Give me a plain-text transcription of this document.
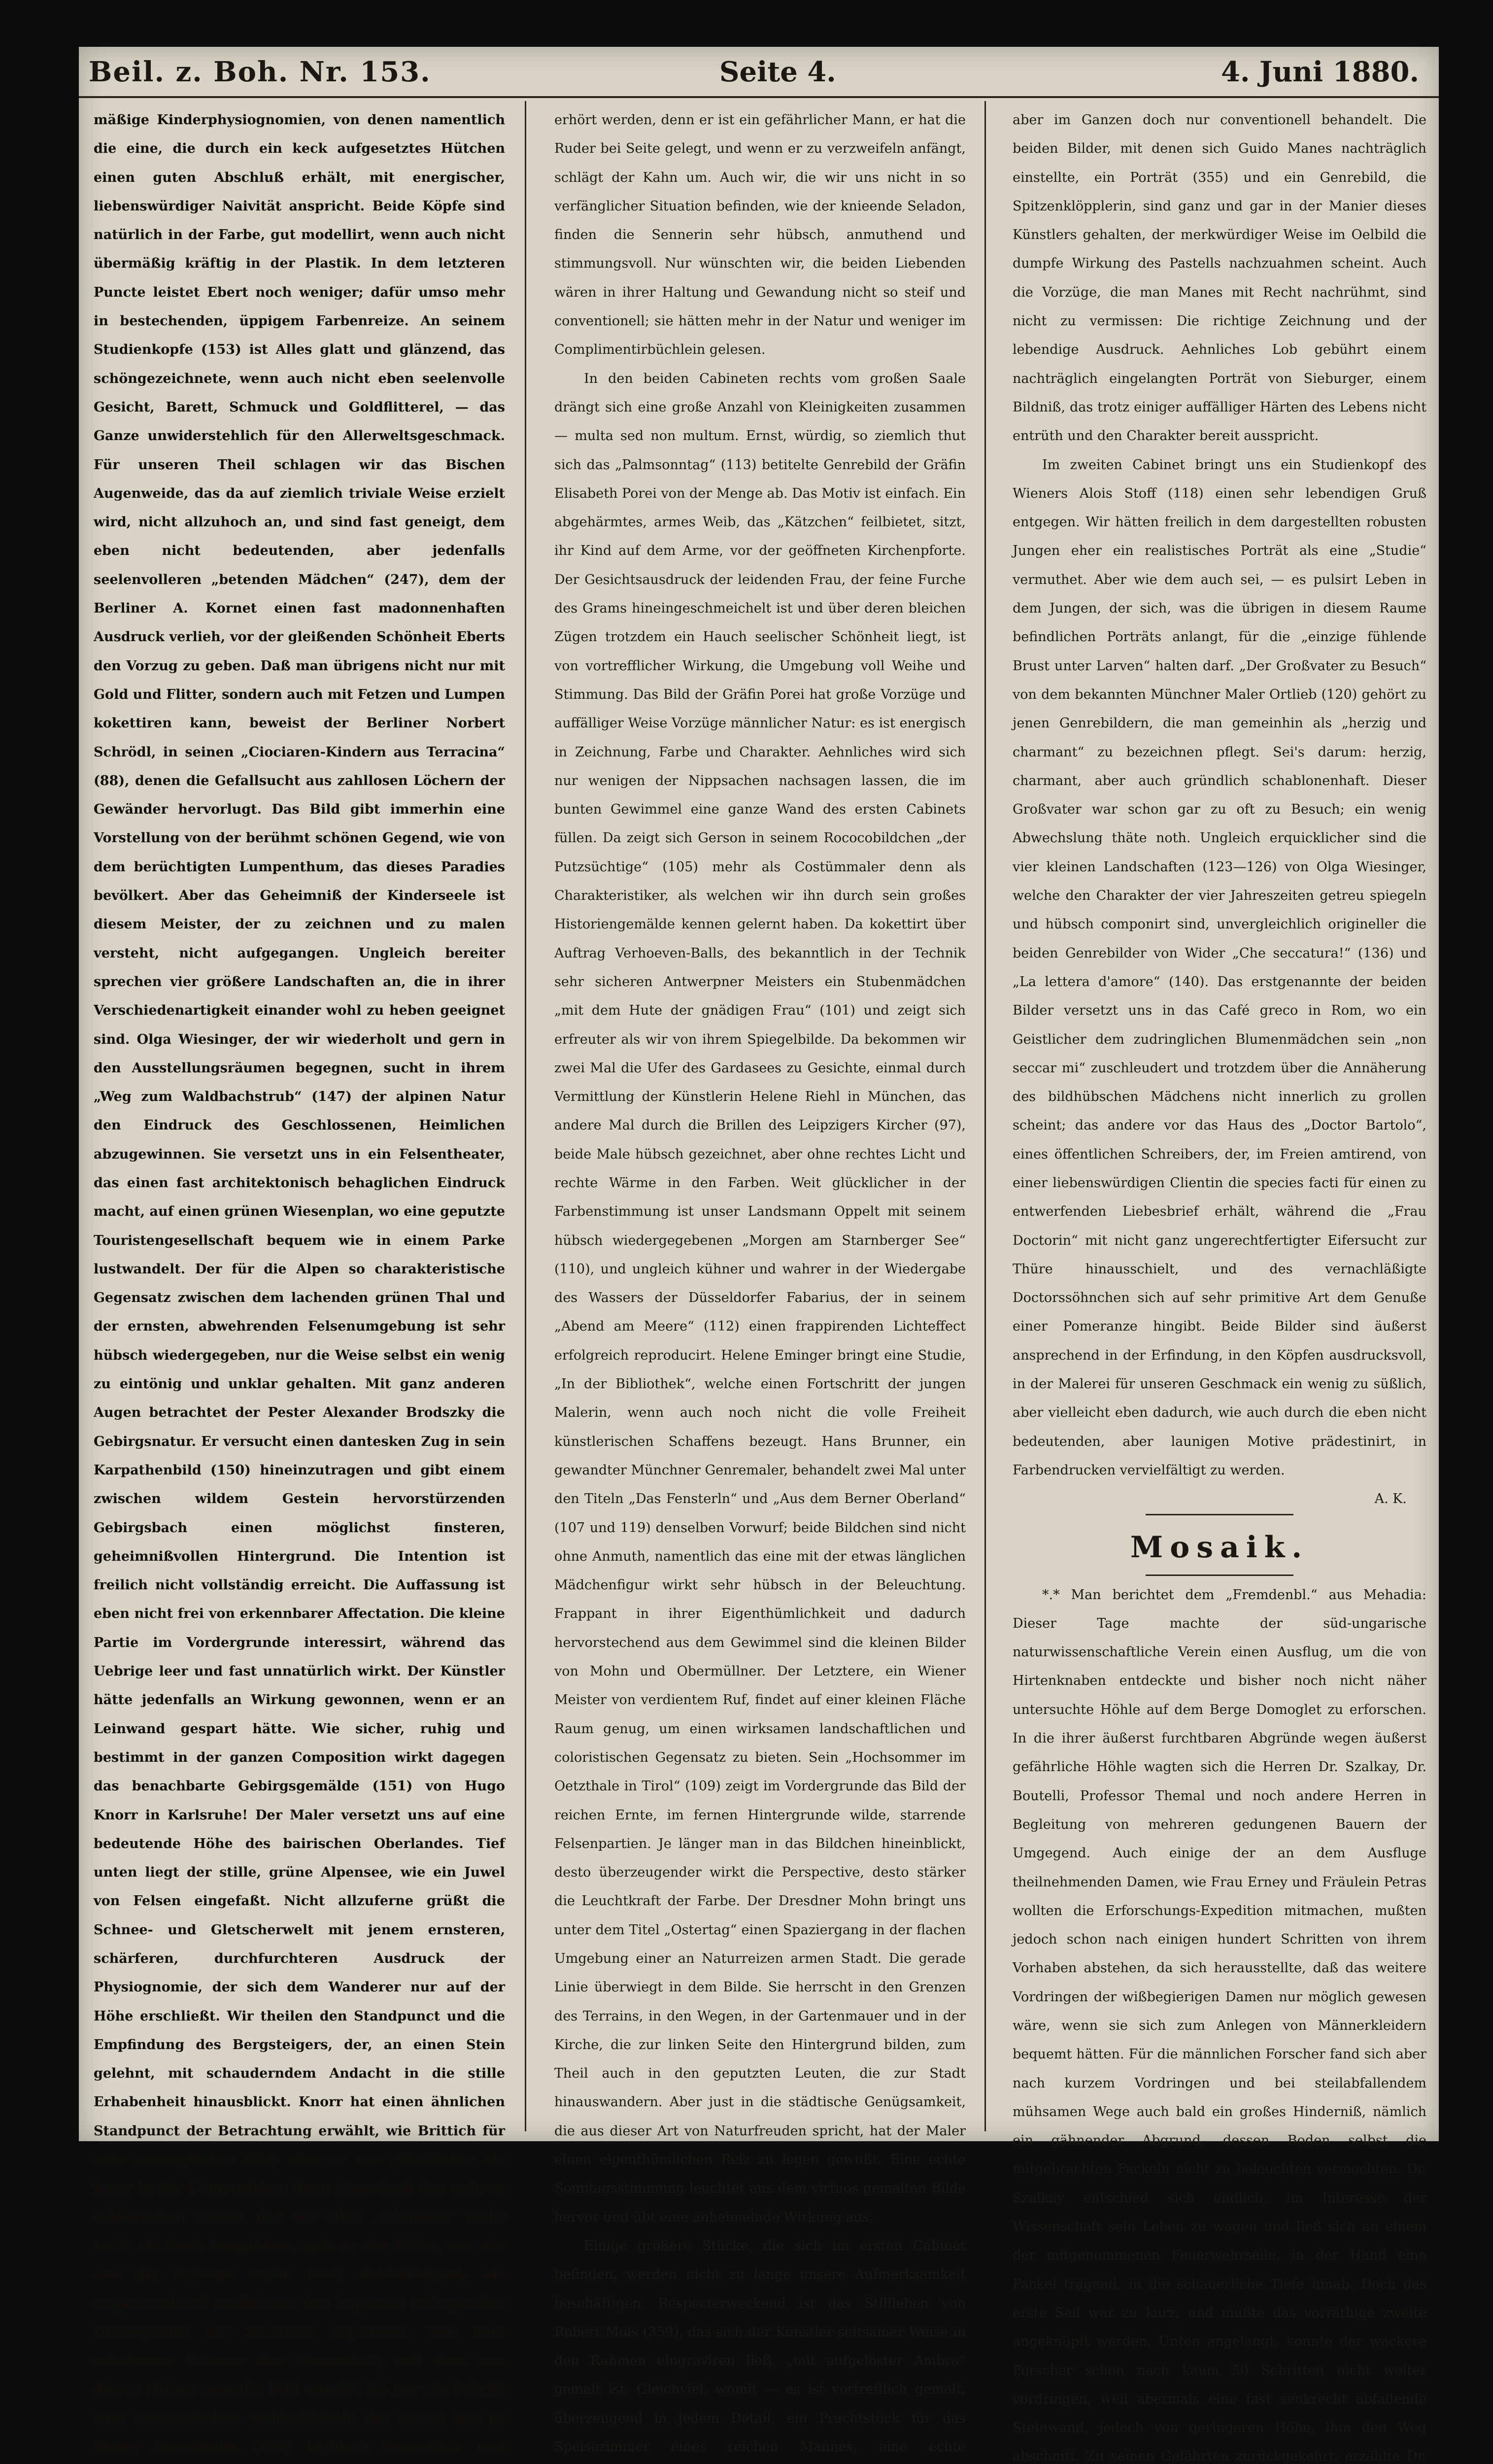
Beil. z. Boh. Nr. 153.	Seite 4.	4. Juni 1880.

mäßige Kinderphysiognomien, von denen namentlich die eine, die durch ein keck aufgesetztes Hütchen einen guten Abschluß erhält, mit energischer, liebenswürdiger Naivität anspricht. Beide Köpfe sind natürlich in der Farbe, gut modellirt, wenn auch nicht übermäßig kräftig in der Plastik. In dem letzteren Puncte leistet Ebert noch weniger; dafür umso mehr in bestechenden, üppigem Farbenreize. An seinem Studienkopfe (153) ist Alles glatt und glänzend, das schöngezeichnete, wenn auch nicht eben seelenvolle Gesicht, Barett, Schmuck und Goldflitterel, — das Ganze unwiderstehlich für den Allerweltsgeschmack. Für unseren Theil schlagen wir das Bischen Augenweide, das da auf ziemlich triviale Weise erzielt wird, nicht allzuhoch an, und sind fast geneigt, dem eben nicht bedeutenden, aber jedenfalls seelenvolleren „betenden Mädchen“ (247), dem der Berliner A. Kornet einen fast madonnenhaften Ausdruck verlieh, vor der gleißenden Schönheit Eberts den Vorzug zu geben. Daß man übrigens nicht nur mit Gold und Flitter, sondern auch mit Fetzen und Lumpen kokettiren kann, beweist der Berliner Norbert Schrödl, in seinen „Ciociaren-Kindern aus Terracina“ (88), denen die Gefallsucht aus zahllosen Löchern der Gewänder hervorlugt. Das Bild gibt immerhin eine Vorstellung von der berühmt schönen Gegend, wie von dem berüchtigten Lumpenthum, das dieses Paradies bevölkert. Aber das Geheimniß der Kinderseele ist diesem Meister, der zu zeichnen und zu malen versteht, nicht aufgegangen. Ungleich bereiter sprechen vier größere Landschaften an, die in ihrer Verschiedenartigkeit einander wohl zu heben geeignet sind. Olga Wiesinger, der wir wiederholt und gern in den Ausstellungsräumen begegnen, sucht in ihrem „Weg zum Waldbachstrub“ (147) der alpinen Natur den Eindruck des Geschlossenen, Heimlichen abzugewinnen. Sie versetzt uns in ein Felsentheater, das einen fast architektonisch behaglichen Eindruck macht, auf einen grünen Wiesenplan, wo eine geputzte Touristengesellschaft bequem wie in einem Parke lustwandelt. Der für die Alpen so charakteristische Gegensatz zwischen dem lachenden grünen Thal und der ernsten, abwehrenden Felsenumgebung ist sehr hübsch wiedergegeben, nur die Weise selbst ein wenig zu eintönig und unklar gehalten. Mit ganz anderen Augen betrachtet der Pester Alexander Brodszky die Gebirgsnatur. Er versucht einen dantesken Zug in sein Karpathenbild (150) hineinzutragen und gibt einem zwischen wildem Gestein hervorstürzenden Gebirgsbach einen möglichst finsteren, geheimnißvollen Hintergrund. Die Intention ist freilich nicht vollständig erreicht. Die Auffassung ist eben nicht frei von erkennbarer Affectation. Die kleine Partie im Vordergrunde interessirt, während das Uebrige leer und fast unnatürlich wirkt. Der Künstler hätte jedenfalls an Wirkung gewonnen, wenn er an Leinwand gespart hätte. Wie sicher, ruhig und bestimmt in der ganzen Composition wirkt dagegen das benachbarte Gebirgsgemälde (151) von Hugo Knorr in Karlsruhe! Der Maler versetzt uns auf eine bedeutende Höhe des bairischen Oberlandes. Tief unten liegt der stille, grüne Alpensee, wie ein Juwel von Felsen eingefaßt. Nicht allzuferne grüßt die Schnee- und Gletscherwelt mit jenem ernsteren, schärferen, durchfurchteren Ausdruck der Physiognomie, der sich dem Wanderer nur auf der Höhe erschließt. Wir theilen den Standpunct und die Empfindung des Bergsteigers, der, an einen Stein gelehnt, mit schauderndem Andacht in die stille Erhabenheit hinausblickt. Knorr hat einen ähnlichen Standpunct der Betrachtung erwählt, wie Brittich für sein norwegisches Bild; aber er war glücklicher als jener in der Composition; denn eingedenk des wahren Göthe'schen Satzes, daß wir alles „Erhabene“ mehr hoch als breit imaginiren, gab er der Höhe, vor der aus die Gebirge mehr breit dahinfließend, als emporstrebend erscheinen, den imposant aufragenden Hintergrund der höchsten Alpenwelt. Von dem erhabenen Schauer der Einsamkeit, mit dem uns dieses virtuos gemalte Bild umgibt, ist nur ein Schritt zum sommerlichen Waldeslächeln der Natur, wie es Fanny Assenbaum (156) idyllisch freundlich und

erhört werden, denn er ist ein gefährlicher Mann, er hat die Ruder bei Seite gelegt, und wenn er zu verzweifeln anfängt, schlägt der Kahn um. Auch wir, die wir uns nicht in so verfänglicher Situation befinden, wie der knieende Seladon, finden die Sennerin sehr hübsch, anmuthend und stimmungsvoll. Nur wünschten wir, die beiden Liebenden wären in ihrer Haltung und Gewandung nicht so steif und conventionell; sie hätten mehr in der Natur und weniger im Complimentirbüchlein gelesen.

In den beiden Cabineten rechts vom großen Saale drängt sich eine große Anzahl von Kleinigkeiten zusammen — multa sed non multum. Ernst, würdig, so ziemlich thut sich das „Palmsonntag“ (113) betitelte Genrebild der Gräfin Elisabeth Porei von der Menge ab. Das Motiv ist einfach. Ein abgehärmtes, armes Weib, das „Kätzchen“ feilbietet, sitzt, ihr Kind auf dem Arme, vor der geöffneten Kirchenpforte. Der Gesichtsausdruck der leidenden Frau, der feine Furche des Grams hineingeschmeichelt ist und über deren bleichen Zügen trotzdem ein Hauch seelischer Schönheit liegt, ist von vortrefflicher Wirkung, die Umgebung voll Weihe und Stimmung. Das Bild der Gräfin Porei hat große Vorzüge und auffälliger Weise Vorzüge männlicher Natur: es ist energisch in Zeichnung, Farbe und Charakter. Aehnliches wird sich nur wenigen der Nippsachen nachsagen lassen, die im bunten Gewimmel eine ganze Wand des ersten Cabinets füllen. Da zeigt sich Gerson in seinem Rococobildchen „der Putzsüchtige“ (105) mehr als Costümmaler denn als Charakteristiker, als welchen wir ihn durch sein großes Historiengemälde kennen gelernt haben. Da kokettirt über Auftrag Verhoeven-Balls, des bekanntlich in der Technik sehr sicheren Antwerpner Meisters ein Stubenmädchen „mit dem Hute der gnädigen Frau“ (101) und zeigt sich erfreuter als wir von ihrem Spiegelbilde. Da bekommen wir zwei Mal die Ufer des Gardasees zu Gesichte, einmal durch Vermittlung der Künstlerin Helene Riehl in München, das andere Mal durch die Brillen des Leipzigers Kircher (97), beide Male hübsch gezeichnet, aber ohne rechtes Licht und rechte Wärme in den Farben. Weit glücklicher in der Farbenstimmung ist unser Landsmann Oppelt mit seinem hübsch wiedergegebenen „Morgen am Starnberger See“ (110), und ungleich kühner und wahrer in der Wiedergabe des Wassers der Düsseldorfer Fabarius, der in seinem „Abend am Meere“ (112) einen frappirenden Lichteffect erfolgreich reproducirt. Helene Eminger bringt eine Studie, „In der Bibliothek“, welche einen Fortschritt der jungen Malerin, wenn auch noch nicht die volle Freiheit künstlerischen Schaffens bezeugt. Hans Brunner, ein gewandter Münchner Genremaler, behandelt zwei Mal unter den Titeln „Das Fensterln“ und „Aus dem Berner Oberland“ (107 und 119) denselben Vorwurf; beide Bildchen sind nicht ohne Anmuth, namentlich das eine mit der etwas länglichen Mädchenfigur wirkt sehr hübsch in der Beleuchtung. Frappant in ihrer Eigenthümlichkeit und dadurch hervorstechend aus dem Gewimmel sind die kleinen Bilder von Mohn und Obermüllner. Der Letztere, ein Wiener Meister von verdientem Ruf, findet auf einer kleinen Fläche Raum genug, um einen wirksamen landschaftlichen und coloristischen Gegensatz zu bieten. Sein „Hochsommer im Oetzthale in Tirol“ (109) zeigt im Vordergrunde das Bild der reichen Ernte, im fernen Hintergrunde wilde, starrende Felsenpartien. Je länger man in das Bildchen hineinblickt, desto überzeugender wirkt die Perspective, desto stärker die Leuchtkraft der Farbe. Der Dresdner Mohn bringt uns unter dem Titel „Ostertag“ einen Spaziergang in der flachen Umgebung einer an Naturreizen armen Stadt. Die gerade Linie überwiegt in dem Bilde. Sie herrscht in den Grenzen des Terrains, in den Wegen, in der Gartenmauer und in der Kirche, die zur linken Seite den Hintergrund bilden, zum Theil auch in den geputzten Leuten, die zur Stadt hinauswandern. Aber just in die städtische Genügsamkeit, die aus dieser Art von Naturfreuden spricht, hat der Maler einen eigenthümlichen Reiz zu legen gewußt. Eine echte Sonntagsstimmung leuchtet aus dem virtuos gemalten Bilde hervor und übt eine anheimelnde Wirkung aus.

Einige größere Stücke, die sich im ersten Cabinet befinden, werden nicht zu lange unsere Aufmerksamkeit beschäftigen. Respecterweckend ist das Stillleben von Robert Mols (359), das sich der Künstler seltsamer Weise in den Rahmen eingraviren ließ, „mit aufgelöster Ambra“ gemalt ist. Gleichviel, womit — es ist vortrefflich gemalt, überzeugend in jedem Detail, ein Prachtstück für das Speisezimmer eines reichen Mannes, eine echte

aber im Ganzen doch nur conventionell behandelt. Die beiden Bilder, mit denen sich Guido Manes nachträglich einstellte, ein Porträt (355) und ein Genrebild, die Spitzenklöpplerin, sind ganz und gar in der Manier dieses Künstlers gehalten, der merkwürdiger Weise im Oelbild die dumpfe Wirkung des Pastells nachzuahmen scheint. Auch die Vorzüge, die man Manes mit Recht nachrühmt, sind nicht zu vermissen: Die richtige Zeichnung und der lebendige Ausdruck. Aehnliches Lob gebührt einem nachträglich eingelangten Porträt von Sieburger, einem Bildniß, das trotz einiger auffälliger Härten des Lebens nicht entrüth und den Charakter bereit ausspricht.

Im zweiten Cabinet bringt uns ein Studienkopf des Wieners Alois Stoff (118) einen sehr lebendigen Gruß entgegen. Wir hätten freilich in dem dargestellten robusten Jungen eher ein realistisches Porträt als eine „Studie“ vermuthet. Aber wie dem auch sei, — es pulsirt Leben in dem Jungen, der sich, was die übrigen in diesem Raume befindlichen Porträts anlangt, für die „einzige fühlende Brust unter Larven“ halten darf. „Der Großvater zu Besuch“ von dem bekannten Münchner Maler Ortlieb (120) gehört zu jenen Genrebildern, die man gemeinhin als „herzig und charmant“ zu bezeichnen pflegt. Sei's darum: herzig, charmant, aber auch gründlich schablonenhaft. Dieser Großvater war schon gar zu oft zu Besuch; ein wenig Abwechslung thäte noth. Ungleich erquicklicher sind die vier kleinen Landschaften (123—126) von Olga Wiesinger, welche den Charakter der vier Jahreszeiten getreu spiegeln und hübsch componirt sind, unvergleichlich origineller die beiden Genrebilder von Wider „Che seccatura!“ (136) und „La lettera d'amore“ (140). Das erstgenannte der beiden Bilder versetzt uns in das Café greco in Rom, wo ein Geistlicher dem zudringlichen Blumenmädchen sein „non seccar mi“ zuschleudert und trotzdem über die Annäherung des bildhübschen Mädchens nicht innerlich zu grollen scheint; das andere vor das Haus des „Doctor Bartolo“, eines öffentlichen Schreibers, der, im Freien amtirend, von einer liebenswürdigen Clientin die species facti für einen zu entwerfenden Liebesbrief erhält, während die „Frau Doctorin“ mit nicht ganz ungerechtfertigter Eifersucht zur Thüre hinausschielt, und des vernachläßigte Doctorssöhnchen sich auf sehr primitive Art dem Genuße einer Pomeranze hingibt. Beide Bilder sind äußerst ansprechend in der Erfindung, in den Köpfen ausdrucksvoll, in der Malerei für unseren Geschmack ein wenig zu süßlich, aber vielleicht eben dadurch, wie auch durch die eben nicht bedeutenden, aber launigen Motive prädestinirt, in Farbendrucken vervielfältigt zu werden.

A. K.
Mosaik.

*.* Man berichtet dem „Fremdenbl.“ aus Mehadia: Dieser Tage machte der süd-ungarische naturwissenschaftliche Verein einen Ausflug, um die von Hirtenknaben entdeckte und bisher noch nicht näher untersuchte Höhle auf dem Berge Domoglet zu erforschen. In die ihrer äußerst furchtbaren Abgründe wegen äußerst gefährliche Höhle wagten sich die Herren Dr. Szalkay, Dr. Boutelli, Professor Themal und noch andere Herren in Begleitung von mehreren gedungenen Bauern der Umgegend. Auch einige der an dem Ausfluge theilnehmenden Damen, wie Frau Erney und Fräulein Petras wollten die Erforschungs-Expedition mitmachen, mußten jedoch schon nach einigen hundert Schritten von ihrem Vorhaben abstehen, da sich herausstellte, daß das weitere Vordringen der wißbegierigen Damen nur möglich gewesen wäre, wenn sie sich zum Anlegen von Männerkleidern bequemt hätten. Für die männlichen Forscher fand sich aber nach kurzem Vordringen und bei steilabfallendem mühsamen Wege auch bald ein großes Hinderniß, nämlich ein gähnender Abgrund, dessen Boden selbst die mitgebrachten Fackeln nicht zu beleuchten vermochten. Dr. Szalkay entschied sich endlich, im Interesse der Wissenschaft sein Leben zu wagen und ließ sich an einem der mitgenommenen Feuerwehrseile, in der Hand eine Fackel tragend, in die schauerliche Tiefe hinab. Doch das erste Seil war zu kurz, und mußte das vorräthige zweite angeknüpft werden. Unten angelangt, konnte der wackere Forscher schon nach kaum 50 Schritten nicht weiter vordringen, weil abermals eine fast senkrecht abfallende Steinwand, jedoch von geringeren Höhe, ihm den Weg abschnitt. Zu seinen Gefährten zurückgekehrt, erzählte Dr.
